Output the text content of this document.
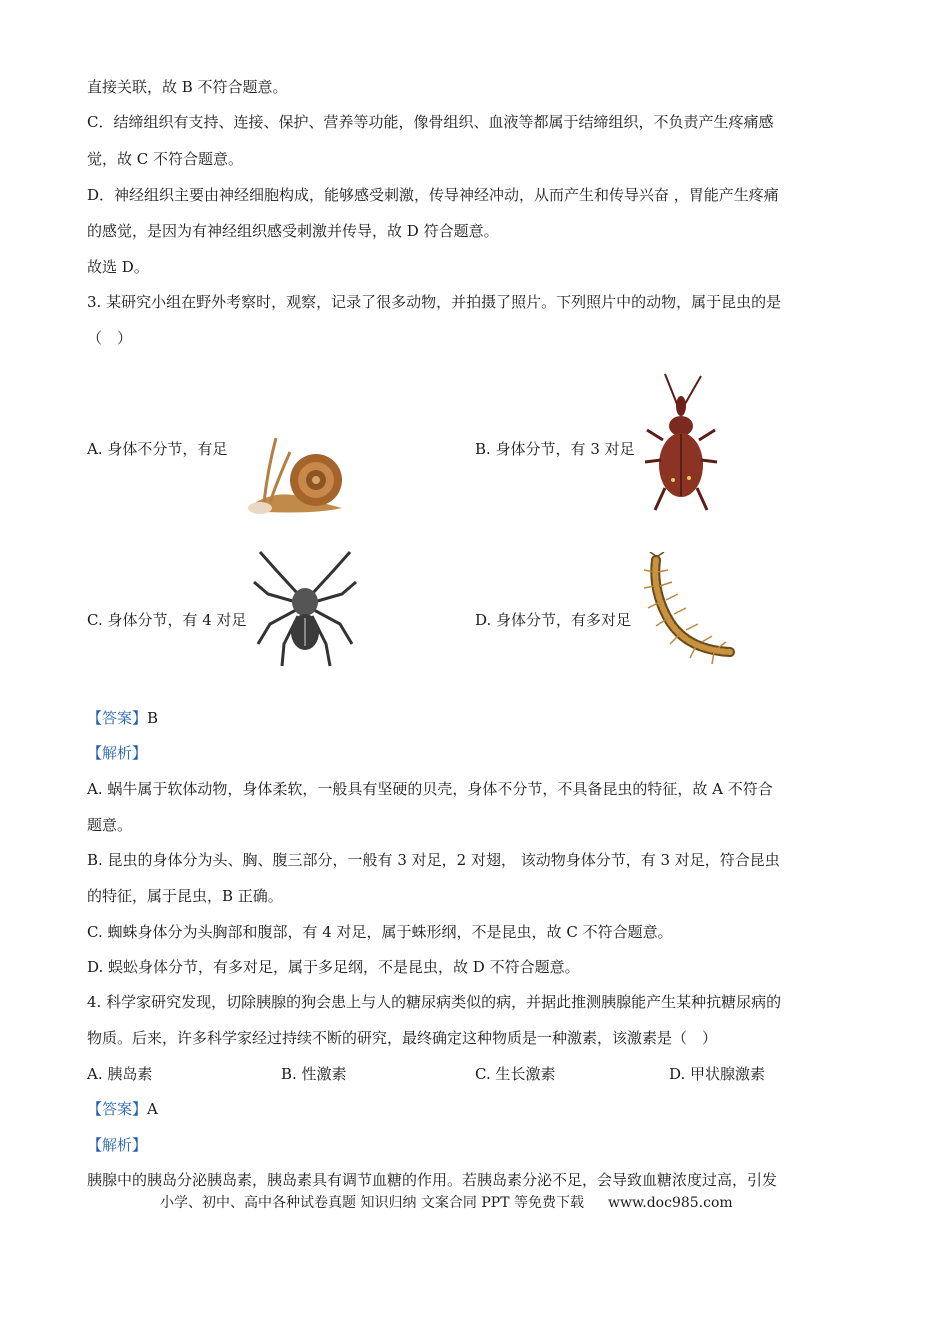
直接关联，故 B 不符合题意。
C．结缔组织有支持、连接、保护、营养等功能，像骨组织、血液等都属于结缔组织，不负责产生疼痛感
觉，故 C 不符合题意。
D．神经组织主要由神经细胞构成，能够感受刺激，传导神经冲动，从而产生和传导兴奋 ，胃能产生疼痛
的感觉，是因为有神经组织感受刺激并传导，故 D 符合题意。
故选 D。
3. 某研究小组在野外考察时，观察，记录了很多动物，并拍摄了照片。下列照片中的动物，属于昆虫的是
（　）
A. 身体不分节，有足	B. 身体分节，有 3 对足
C. 身体分节，有 4 对足	D. 身体分节，有多对足
【答案】B
【解析】
A. 蜗牛属于软体动物，身体柔软，一般具有坚硬的贝壳，身体不分节，不具备昆虫的特征，故 A 不符合
题意。
B. 昆虫的身体分为头、胸、腹三部分，一般有 3 对足，2 对翅， 该动物身体分节，有 3 对足，符合昆虫
的特征，属于昆虫，B 正确。
C. 蜘蛛身体分为头胸部和腹部，有 4 对足，属于蛛形纲，不是昆虫，故 C 不符合题意。
D. 蜈蚣身体分节，有多对足，属于多足纲，不是昆虫，故 D 不符合题意。
4. 科学家研究发现，切除胰腺的狗会患上与人的糖尿病类似的病，并据此推测胰腺能产生某种抗糖尿病的
物质。后来，许多科学家经过持续不断的研究，最终确定这种物质是一种激素，该激素是（　）
A. 胰岛素	B. 性激素	C. 生长激素	D. 甲状腺激素
【答案】A
【解析】
胰腺中的胰岛分泌胰岛素，胰岛素具有调节血糖的作用。若胰岛素分泌不足，会导致血糖浓度过高，引发
小学、初中、高中各种试卷真题 知识归纳 文案合同 PPT 等免费下载 www.doc985.com
